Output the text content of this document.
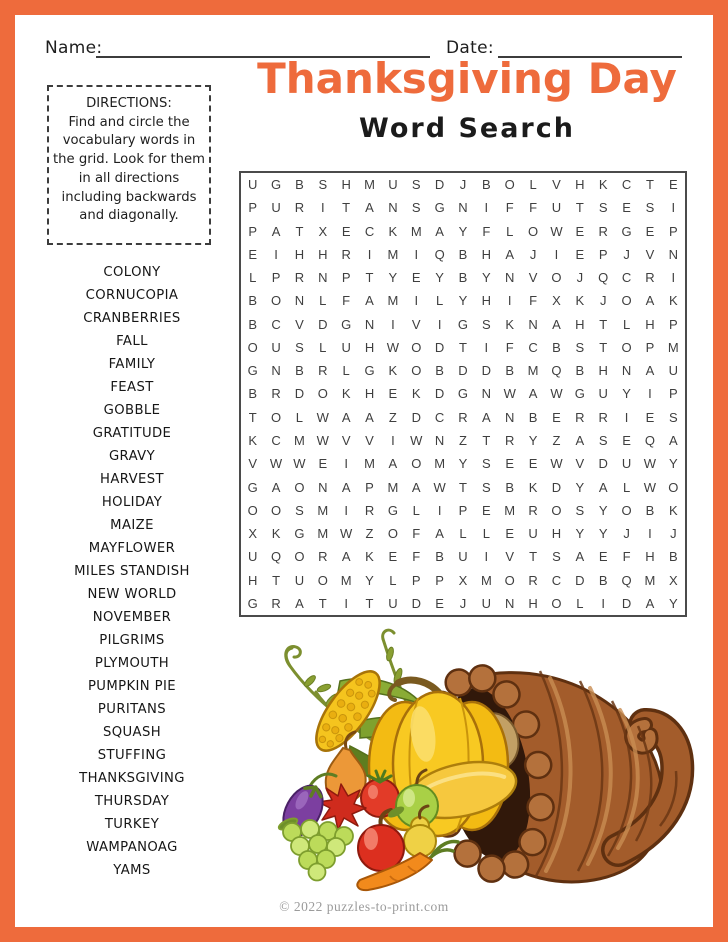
Name:	Date:
Thanksgiving Day
Word Search
DIRECTIONS:
Find and circle the vocabulary words in the grid. Look for them in all directions including backwards and diagonally.
COLONY
CORNUCOPIA
CRANBERRIES
FALL
FAMILY
FEAST
GOBBLE
GRATITUDE
GRAVY
HARVEST
HOLIDAY
MAIZE
MAYFLOWER
MILES STANDISH
NEW WORLD
NOVEMBER
PILGRIMS
PLYMOUTH
PUMPKIN PIE
PURITANS
SQUASH
STUFFING
THANKSGIVING
THURSDAY
TURKEY
WAMPANOAG
YAMS
U	G	B	S	H	M	U	S	D	J	B	O	L	V	H	K	C	T	E
P	U	R	I	T	A	N	S	G	N	I	F	F	U	T	S	E	S	I
P	A	T	X	E	C	K	M	A	Y	F	L	O W E	R	G	E	P
E	I	H	H	R	I	M	I	Q	B	H	A	J	I	E	P	J	V	N
L	P	R	N	P	T	Y	E	Y	B	Y	N	V	O	J	Q	C	R	I
B	O	N	L	F	A	M	I	L	Y	H	I	F	X	K	J	O	A	K
B	C	V	D	G	N	I	V	I	G	S	K	N	A	H	T	L	H	P
O	U	S	L	U	H W O	D	T	I	F	C	B	S	T	O	P	M
G	N	B	R	L	G	K	O	B	D	D	B	M Q	B	H	N	A	U
B	R	D	O	K	H	E	K	D	G	N W A W G	U	Y	I	P
T	O	L	W A	A	Z	D	C	R	A	N	B	E	R	R	I	E	S
K	C	M W V	V	I	W N	Z	T	R	Y	Z	A	S	E	Q	A
V W W E	I	M	A	O M	Y	S	E	E W V	D	U W Y
G	A	O	N	A	P	M	A W	T	S	B	K	D	Y	A	L	W O
O	O	S	M	I	R	G	L	I	P	E	M	R	O	S	Y	O	B	K
X	K	G M W	Z	O	F	A	L	L	E	U	H	Y	Y	J	I	J
U	Q	O	R	A	K	E	F	B	U	I	V	T	S	A	E	F	H	B
H	T	U	O M	Y	L	P	P	X	M O	R	C	D	B	Q M	X
G	R	A	T	I	T	U	D	E	J	U	N	H	O	L	I	D	A	Y
© 2022 puzzles-to-print.com
